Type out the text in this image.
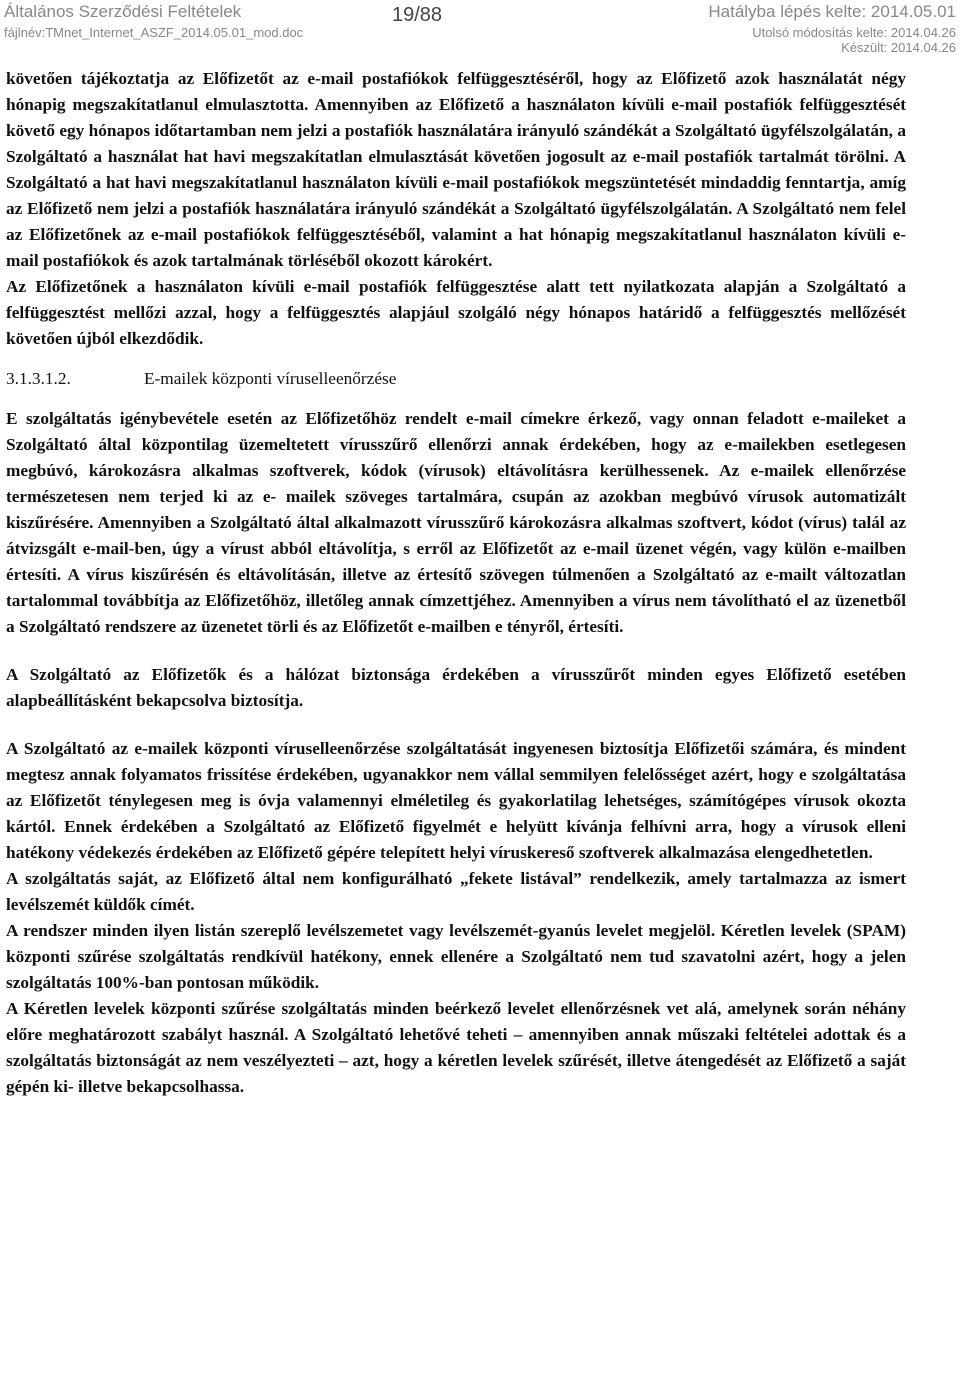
Általános Szerződési Feltételek
fájlnév:TMnet_Internet_ASZF_2014.05.01_mod.doc
19/88	Hatályba lépés kelte: 2014.05.01
Utolsó módosítás kelte: 2014.04.26
Készült: 2014.04.26

követően tájékoztatja az Előfizetőt az e-mail postafiókok felfüggesztéséről, hogy az Előfizető azok használatát négy hónapig megszakítatlanul elmulasztotta. Amennyiben az Előfizető a használaton kívüli e-mail postafiók felfüggesztését követő egy hónapos időtartamban nem jelzi a postafiók használatára irányuló szándékát a Szolgáltató ügyfélszolgálatán, a Szolgáltató a használat hat havi megszakítatlan elmulasztását követően jogosult az e-mail postafiók tartalmát törölni. A Szolgáltató a hat havi megszakítatlanul használaton kívüli e-mail postafiókok megszüntetését mindaddig fenntartja, amíg az Előfizető nem jelzi a postafiók használatára irányuló szándékát a Szolgáltató ügyfélszolgálatán. A Szolgáltató nem felel az Előfizetőnek az e-mail postafiókok felfüggesztéséből, valamint a hat hónapig megszakítatlanul használaton kívüli e-mail postafiókok és azok tartalmának törléséből okozott károkért.

Az Előfizetőnek a használaton kívüli e-mail postafiók felfüggesztése alatt tett nyilatkozata alapján a Szolgáltató a felfüggesztést mellőzi azzal, hogy a felfüggesztés alapjául szolgáló négy hónapos határidő a felfüggesztés mellőzését követően újból elkezdődik.

3.1.3.1.2.	E-mailek központi víruselleenőrzése

E szolgáltatás igénybevétele esetén az Előfizetőhöz rendelt e-mail címekre érkező, vagy onnan feladott e-maileket a Szolgáltató által központilag üzemeltetett vírusszűrő ellenőrzi annak érdekében, hogy az e-mailekben esetlegesen megbúvó, károkozásra alkalmas szoftverek, kódok (vírusok) eltávolításra kerülhessenek. Az e-mailek ellenőrzése természetesen nem terjed ki az e- mailek szöveges tartalmára, csupán az azokban megbúvó vírusok automatizált kiszűrésére. Amennyiben a Szolgáltató által alkalmazott vírusszűrő károkozásra alkalmas szoftvert, kódot (vírus) talál az átvizsgált e-mail-ben, úgy a vírust abból eltávolítja, s erről az Előfizetőt az e-mail üzenet végén, vagy külön e-mailben értesíti. A vírus kiszűrésén és eltávolításán, illetve az értesítő szövegen túlmenően a Szolgáltató az e-mailt változatlan tartalommal továbbítja az Előfizetőhöz, illetőleg annak címzettjéhez. Amennyiben a vírus nem távolítható el az üzenetből a Szolgáltató rendszere az üzenetet törli és az Előfizetőt e-mailben e tényről, értesíti.

A Szolgáltató az Előfizetők és a hálózat biztonsága érdekében a vírusszűrőt minden egyes Előfizető esetében alapbeállításként bekapcsolva biztosítja.

A Szolgáltató az e-mailek központi víruselleenőrzése szolgáltatását ingyenesen biztosítja Előfizetői számára, és mindent megtesz annak folyamatos frissítése érdekében, ugyanakkor nem vállal semmilyen felelősséget azért, hogy e szolgáltatása az Előfizetőt ténylegesen meg is óvja valamennyi elméletileg és gyakorlatilag lehetséges, számítógépes vírusok okozta kártól. Ennek érdekében a Szolgáltató az Előfizető figyelmét e helyütt kívánja felhívni arra, hogy a vírusok elleni hatékony védekezés érdekében az Előfizető gépére telepített helyi víruskereső szoftverek alkalmazása elengedhetetlen.

A szolgáltatás saját, az Előfizető által nem konfigurálható „fekete listával” rendelkezik, amely tartalmazza az ismert levélszemét küldők címét.

A rendszer minden ilyen listán szereplő levélszemetet vagy levélszemét-gyanús levelet megjelöl. Kéretlen levelek (SPAM) központi szűrése szolgáltatás rendkívül hatékony, ennek ellenére a Szolgáltató nem tud szavatolni azért, hogy a jelen szolgáltatás 100%-ban pontosan működik.

A Kéretlen levelek központi szűrése szolgáltatás minden beérkező levelet ellenőrzésnek vet alá, amelynek során néhány előre meghatározott szabályt használ. A Szolgáltató lehetővé teheti – amennyiben annak műszaki feltételei adottak és a szolgáltatás biztonságát az nem veszélyezteti – azt, hogy a kéretlen levelek szűrését, illetve átengedését az Előfizető a saját gépén ki- illetve bekapcsolhassa.
